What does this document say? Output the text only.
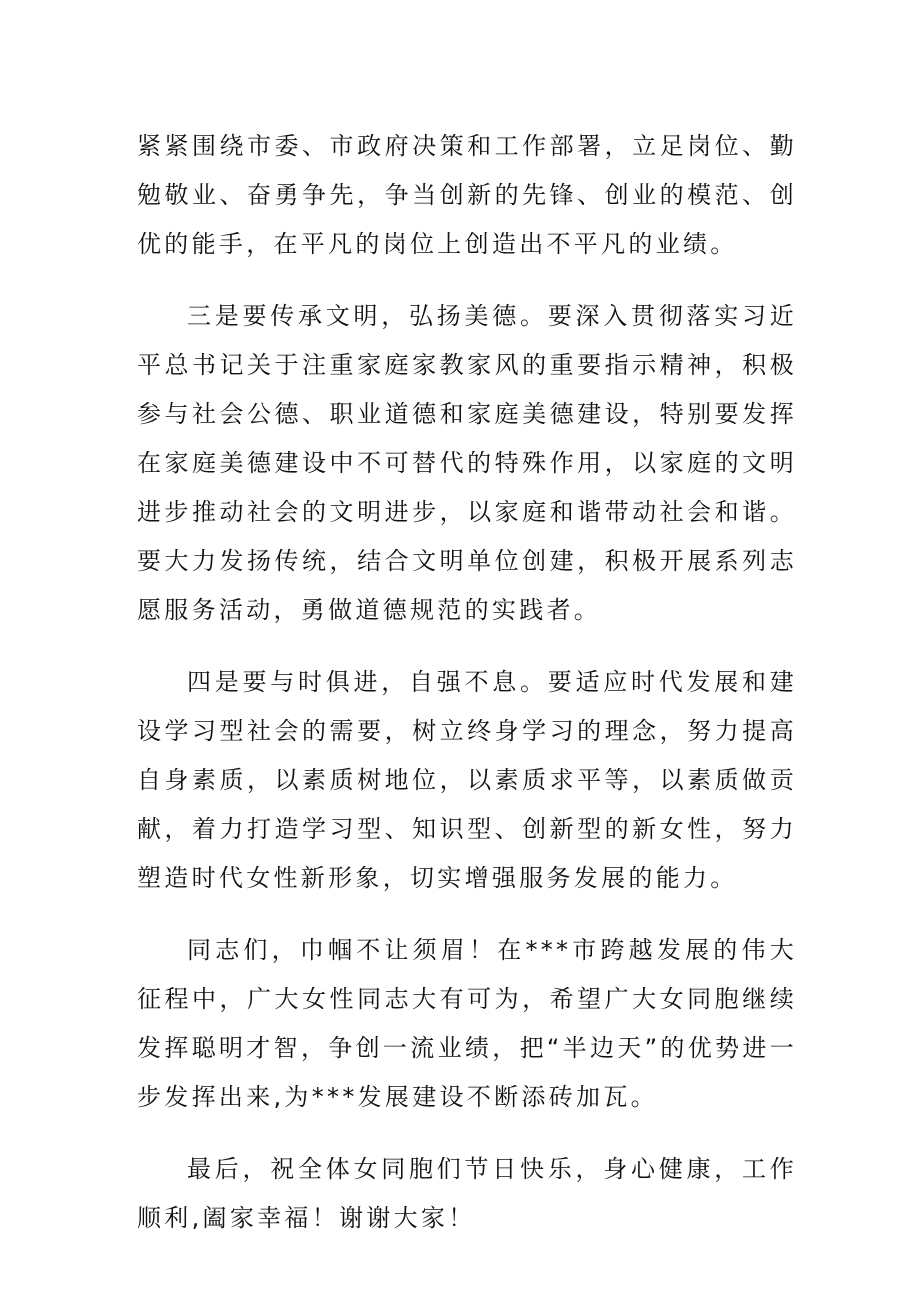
紧紧围绕市委、市政府决策和工作部署，立足岗位、勤勉敬业、奋勇争先，争当创新的先锋、创业的模范、创优的能手，在平凡的岗位上创造出不平凡的业绩。

三是要传承文明，弘扬美德。要深入贯彻落实习近平总书记关于注重家庭家教家风的重要指示精神，积极参与社会公德、职业道德和家庭美德建设，特别要发挥在家庭美德建设中不可替代的特殊作用，以家庭的文明进步推动社会的文明进步，以家庭和谐带动社会和谐。要大力发扬传统，结合文明单位创建，积极开展系列志愿服务活动，勇做道德规范的实践者。

四是要与时俱进，自强不息。要适应时代发展和建设学习型社会的需要，树立终身学习的理念，努力提高自身素质，以素质树地位，以素质求平等，以素质做贡献，着力打造学习型、知识型、创新型的新女性，努力塑造时代女性新形象，切实增强服务发展的能力。

同志们，巾帼不让须眉！在***市跨越发展的伟大征程中，广大女性同志大有可为，希望广大女同胞继续发挥聪明才智，争创一流业绩，把“半边天”的优势进一步发挥出来,为***发展建设不断添砖加瓦。

最后，祝全体女同胞们节日快乐，身心健康，工作顺利,阖家幸福！谢谢大家！
